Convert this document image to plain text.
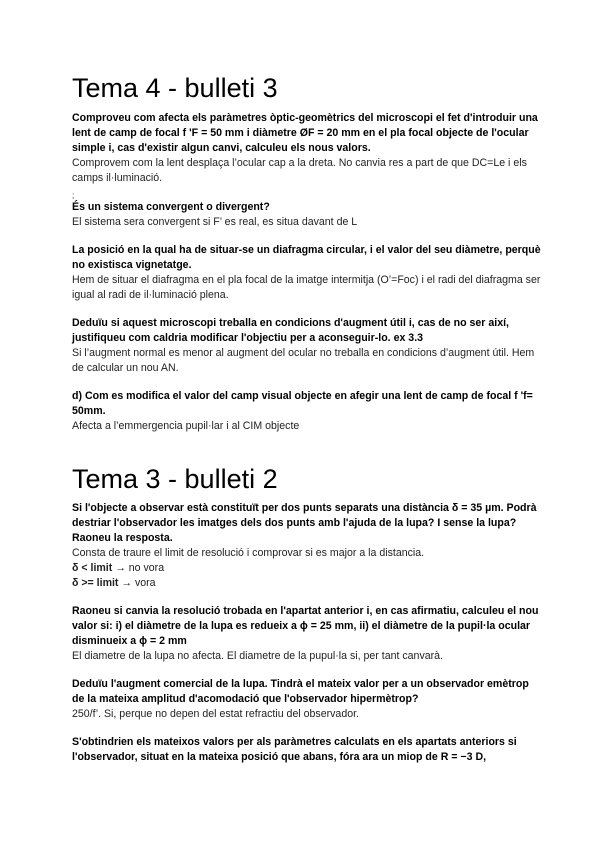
Tema 4 - bulleti 3

Comproveu com afecta els paràmetres òptic-geomètrics del microscopi el fet d'introduir una lent de camp de focal f 'F = 50 mm i diàmetre ØF = 20 mm en el pla focal objecte de l'ocular simple i, cas d'existir algun canvi, calculeu els nous valors.

Comprovem com la lent desplaça l’ocular cap a la dreta. No canvia res a part de que DC=Le i els camps il·luminació.

;

És un sistema convergent o divergent?

El sistema sera convergent si F’ es real, es situa davant de L

La posició en la qual ha de situar-se un diafragma circular, i el valor del seu diàmetre, perquè no existisca vignetatge.

Hem de situar el diafragma en el pla focal de la imatge intermitja (O’=Foc) i el radi del diafragma ser igual al radi de il·luminació plena.

Deduïu si aquest microscopi treballa en condicions d'augment útil i, cas de no ser així, justifiqueu com caldria modificar l'objectiu per a aconseguir-lo. ex 3.3

Si l’augment normal es menor al augment del ocular no treballa en condicions d’augment útil. Hem de calcular un nou AN.

d) Com es modifica el valor del camp visual objecte en afegir una lent de camp de focal f 'f= 50mm.

Afecta a l’emmergencia pupil·lar i al CIM objecte

Tema 3 - bulleti 2

Si l'objecte a observar està constituït per dos punts separats una distància δ = 35 µm. Podrà destriar l'observador les imatges dels dos punts amb l'ajuda de la lupa? I sense la lupa? Raoneu la resposta.

Consta de traure el limit de resolució i comprovar si es major a la distancia.

δ < limit → no vora

δ >= limit → vora

Raoneu si canvia la resolució trobada en l'apartat anterior i, en cas afirmatiu, calculeu el nou valor si: i) el diàmetre de la lupa es redueix a ϕ = 25 mm, ii) el diàmetre de la pupil·la ocular disminueix a ϕ = 2 mm

El diametre de la lupa no afecta. El diametre de la pupul·la si, per tant canvarà.

Deduïu l'augment comercial de la lupa. Tindrà el mateix valor per a un observador emètrop de la mateixa amplitud d'acomodació que l'observador hipermètrop?

250/f’. Si, perque no depen del estat refractiu del observador.

S'obtindrien els mateixos valors per als paràmetres calculats en els apartats anteriors si l'observador, situat en la mateixa posició que abans, fóra ara un miop de R = −3 D,
